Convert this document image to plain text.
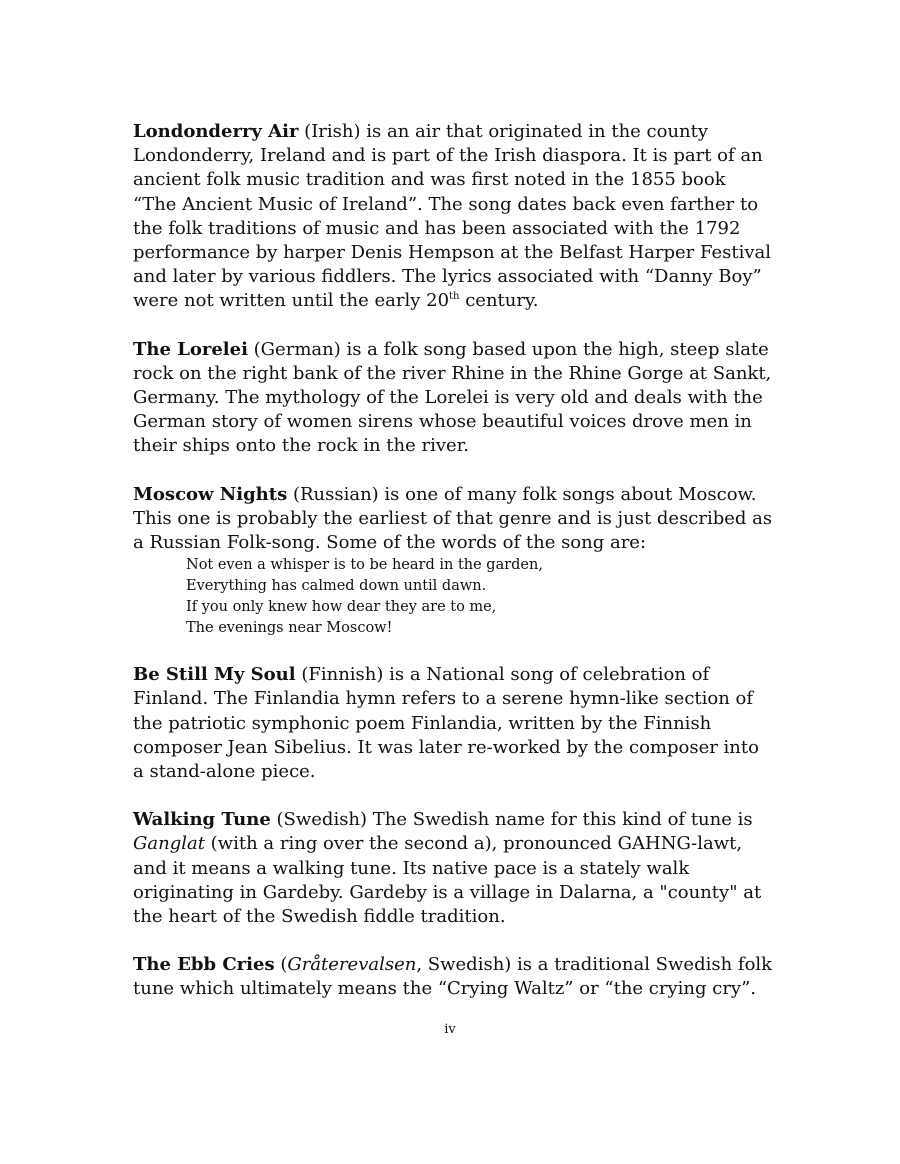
Londonderry Air (Irish) is an air that originated in the county Londonderry, Ireland and is part of the Irish diaspora. It is part of an ancient folk music tradition and was first noted in the 1855 book “The Ancient Music of Ireland”. The song dates back even farther to the folk traditions of music and has been associated with the 1792 performance by harper Denis Hempson at the Belfast Harper Festival and later by various fiddlers. The lyrics associated with “Danny Boy” were not written until the early 20th century.

The Lorelei (German) is a folk song based upon the high, steep slate rock on the right bank of the river Rhine in the Rhine Gorge at Sankt, Germany. The mythology of the Lorelei is very old and deals with the German story of women sirens whose beautiful voices drove men in their ships onto the rock in the river.

Moscow Nights (Russian) is one of many folk songs about Moscow. This one is probably the earliest of that genre and is just described as a Russian Folk-song. Some of the words of the song are:

Not even a whisper is to be heard in the garden,
Everything has calmed down until dawn.
If you only knew how dear they are to me,
The evenings near Moscow!

Be Still My Soul (Finnish) is a National song of celebration of Finland. The Finlandia hymn refers to a serene hymn-like section of the patriotic symphonic poem Finlandia, written by the Finnish composer Jean Sibelius. It was later re-worked by the composer into a stand-alone piece.

Walking Tune (Swedish) The Swedish name for this kind of tune is Ganglat (with a ring over the second a), pronounced GAHNG-lawt, and it means a walking tune. Its native pace is a stately walk originating in Gardeby. Gardeby is a village in Dalarna, a "county" at the heart of the Swedish fiddle tradition.

The Ebb Cries (Gråterevalsen, Swedish) is a traditional Swedish folk tune which ultimately means the “Crying Waltz” or “the crying cry”.

iv
